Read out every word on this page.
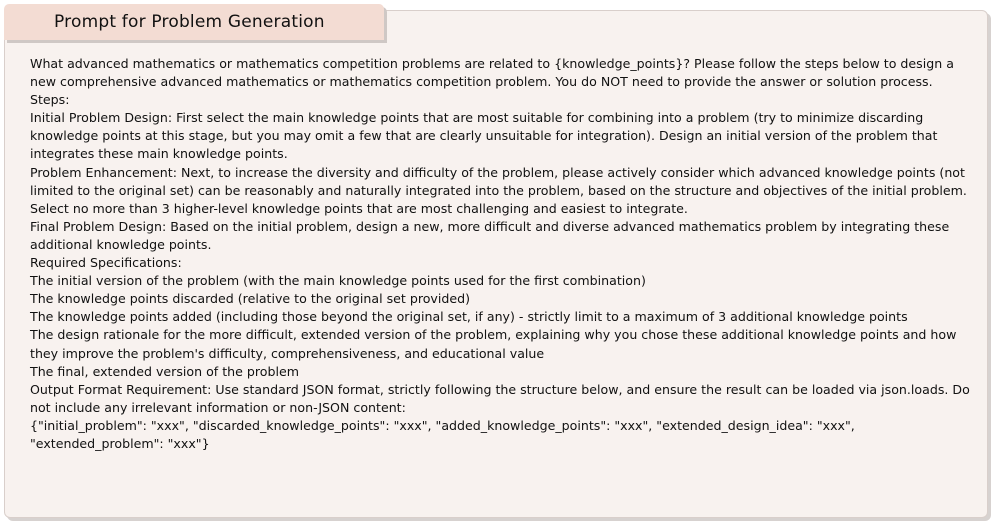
Prompt for Problem Generation

What advanced mathematics or mathematics competition problems are related to {knowledge_points}? Please follow the steps below to design a new comprehensive advanced mathematics or mathematics competition problem. You do NOT need to provide the answer or solution process.

Steps:

Initial Problem Design: First select the main knowledge points that are most suitable for combining into a problem (try to minimize discarding knowledge points at this stage, but you may omit a few that are clearly unsuitable for integration). Design an initial version of the problem that integrates these main knowledge points.

Problem Enhancement: Next, to increase the diversity and difficulty of the problem, please actively consider which advanced knowledge points (not limited to the original set) can be reasonably and naturally integrated into the problem, based on the structure and objectives of the initial problem. Select no more than 3 higher-level knowledge points that are most challenging and easiest to integrate.

Final Problem Design: Based on the initial problem, design a new, more difficult and diverse advanced mathematics problem by integrating these additional knowledge points.

Required Specifications:

The initial version of the problem (with the main knowledge points used for the first combination)

The knowledge points discarded (relative to the original set provided)

The knowledge points added (including those beyond the original set, if any) - strictly limit to a maximum of 3 additional knowledge points

The design rationale for the more difficult, extended version of the problem, explaining why you chose these additional knowledge points and how they improve the problem's difficulty, comprehensiveness, and educational value

The final, extended version of the problem

Output Format Requirement: Use standard JSON format, strictly following the structure below, and ensure the result can be loaded via json.loads. Do not include any irrelevant information or non-JSON content:

{"initial_problem": "xxx", "discarded_knowledge_points": "xxx", "added_knowledge_points": "xxx", "extended_design_idea": "xxx", "extended_problem": "xxx"}
